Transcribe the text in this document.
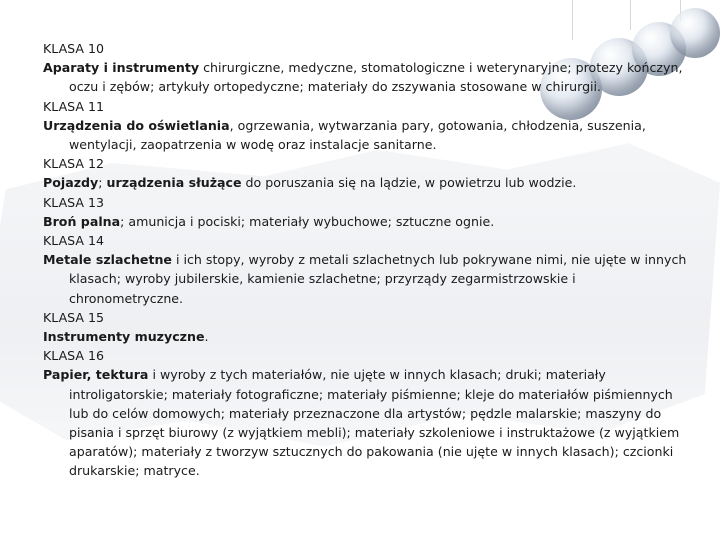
KLASA 10

Aparaty i instrumenty chirurgiczne, medyczne, stomatologiczne i weterynaryjne; protezy kończyn, oczu i zębów; artykuły ortopedyczne; materiały do zszywania stosowane w chirurgii.

KLASA 11

Urządzenia do oświetlania, ogrzewania, wytwarzania pary, gotowania, chłodzenia, suszenia, wentylacji, zaopatrzenia w wodę oraz instalacje sanitarne.

KLASA 12

Pojazdy; urządzenia służące do poruszania się na lądzie, w powietrzu lub wodzie.

KLASA 13

Broń palna; amunicja i pociski; materiały wybuchowe; sztuczne ognie.

KLASA 14

Metale szlachetne i ich stopy, wyroby z metali szlachetnych lub pokrywane nimi, nie ujęte w innych klasach; wyroby jubilerskie, kamienie szlachetne; przyrządy zegarmistrzowskie i chronometryczne.

KLASA 15

Instrumenty muzyczne.

KLASA 16

Papier, tektura i wyroby z tych materiałów, nie ujęte w innych klasach; druki; materiały introligatorskie; materiały fotograficzne; materiały piśmienne; kleje do materiałów piśmiennych lub do celów domowych; materiały przeznaczone dla artystów; pędzle malarskie; maszyny do pisania i sprzęt biurowy (z wyjątkiem mebli); materiały szkoleniowe i instruktażowe (z wyjątkiem aparatów); materiały z tworzyw sztucznych do pakowania (nie ujęte w innych klasach); czcionki drukarskie; matryce.
